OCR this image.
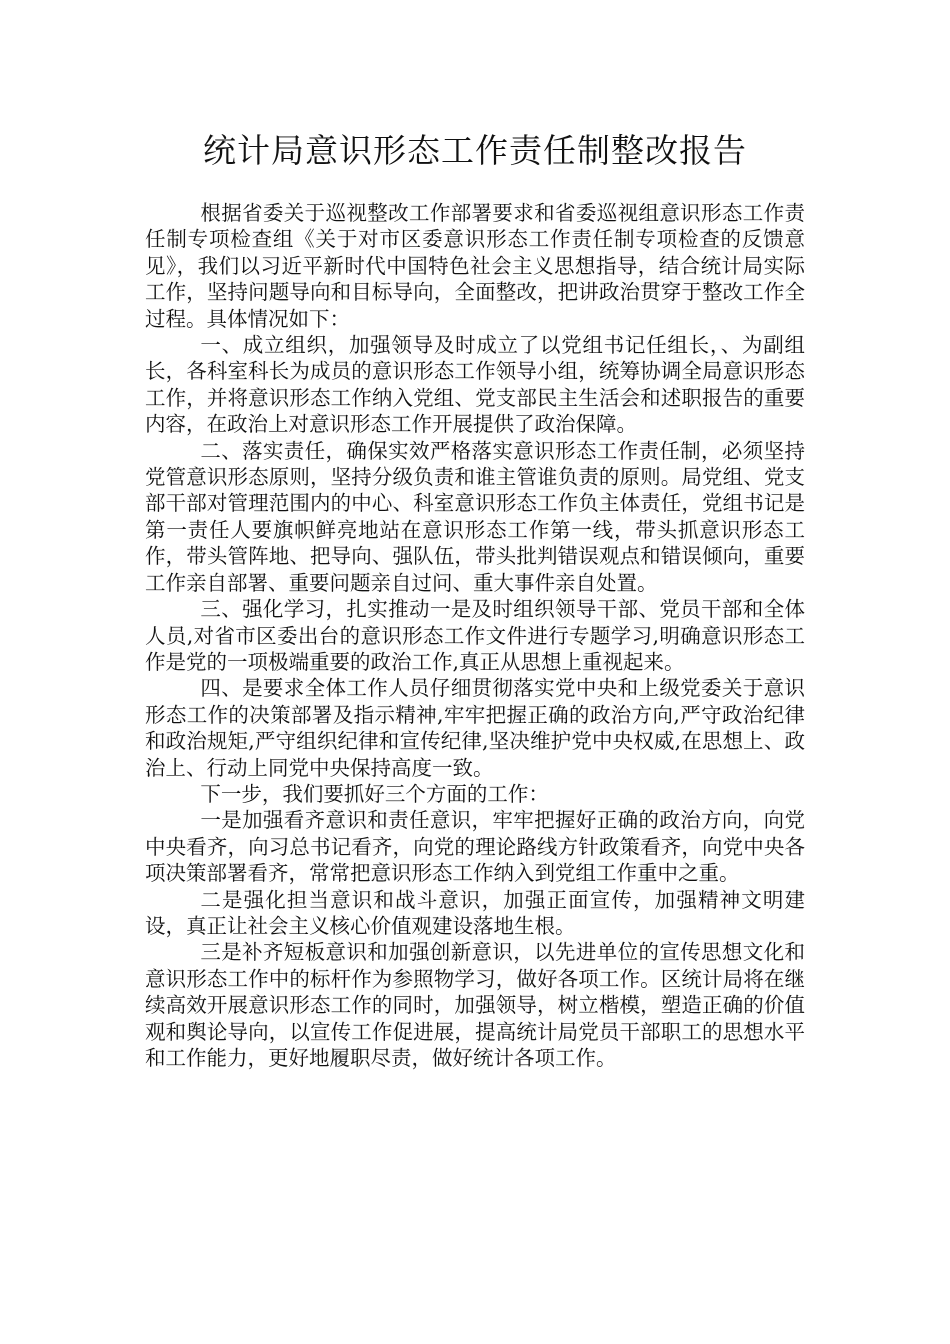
统计局意识形态工作责任制整改报告

根据省委关于巡视整改工作部署要求和省委巡视组意识形态工作责任制专项检查组《关于对市区委意识形态工作责任制专项检查的反馈意见》，我们以习近平新时代中国特色社会主义思想指导，结合统计局实际工作，坚持问题导向和目标导向，全面整改，把讲政治贯穿于整改工作全过程。具体情况如下：

一、成立组织，加强领导及时成立了以党组书记任组长，、为副组长，各科室科长为成员的意识形态工作领导小组，统筹协调全局意识形态工作，并将意识形态工作纳入党组、党支部民主生活会和述职报告的重要内容，在政治上对意识形态工作开展提供了政治保障。

二、落实责任，确保实效严格落实意识形态工作责任制，必须坚持党管意识形态原则，坚持分级负责和谁主管谁负责的原则。局党组、党支部干部对管理范围内的中心、科室意识形态工作负主体责任，党组书记是第一责任人要旗帜鲜亮地站在意识形态工作第一线，带头抓意识形态工作，带头管阵地、把导向、强队伍，带头批判错误观点和错误倾向，重要工作亲自部署、重要问题亲自过问、重大事件亲自处置。

三、强化学习，扎实推动一是及时组织领导干部、党员干部和全体人员,对省市区委出台的意识形态工作文件进行专题学习,明确意识形态工作是党的一项极端重要的政治工作,真正从思想上重视起来。

四、是要求全体工作人员仔细贯彻落实党中央和上级党委关于意识形态工作的决策部署及指示精神,牢牢把握正确的政治方向,严守政治纪律和政治规矩,严守组织纪律和宣传纪律,坚决维护党中央权威,在思想上、政治上、行动上同党中央保持高度一致。

下一步，我们要抓好三个方面的工作：

一是加强看齐意识和责任意识，牢牢把握好正确的政治方向，向党中央看齐，向习总书记看齐，向党的理论路线方针政策看齐，向党中央各项决策部署看齐，常常把意识形态工作纳入到党组工作重中之重。

二是强化担当意识和战斗意识，加强正面宣传，加强精神文明建设，真正让社会主义核心价值观建设落地生根。

三是补齐短板意识和加强创新意识，以先进单位的宣传思想文化和意识形态工作中的标杆作为参照物学习，做好各项工作。区统计局将在继续高效开展意识形态工作的同时，加强领导，树立楷模，塑造正确的价值观和舆论导向，以宣传工作促进展，提高统计局党员干部职工的思想水平和工作能力，更好地履职尽责，做好统计各项工作。
